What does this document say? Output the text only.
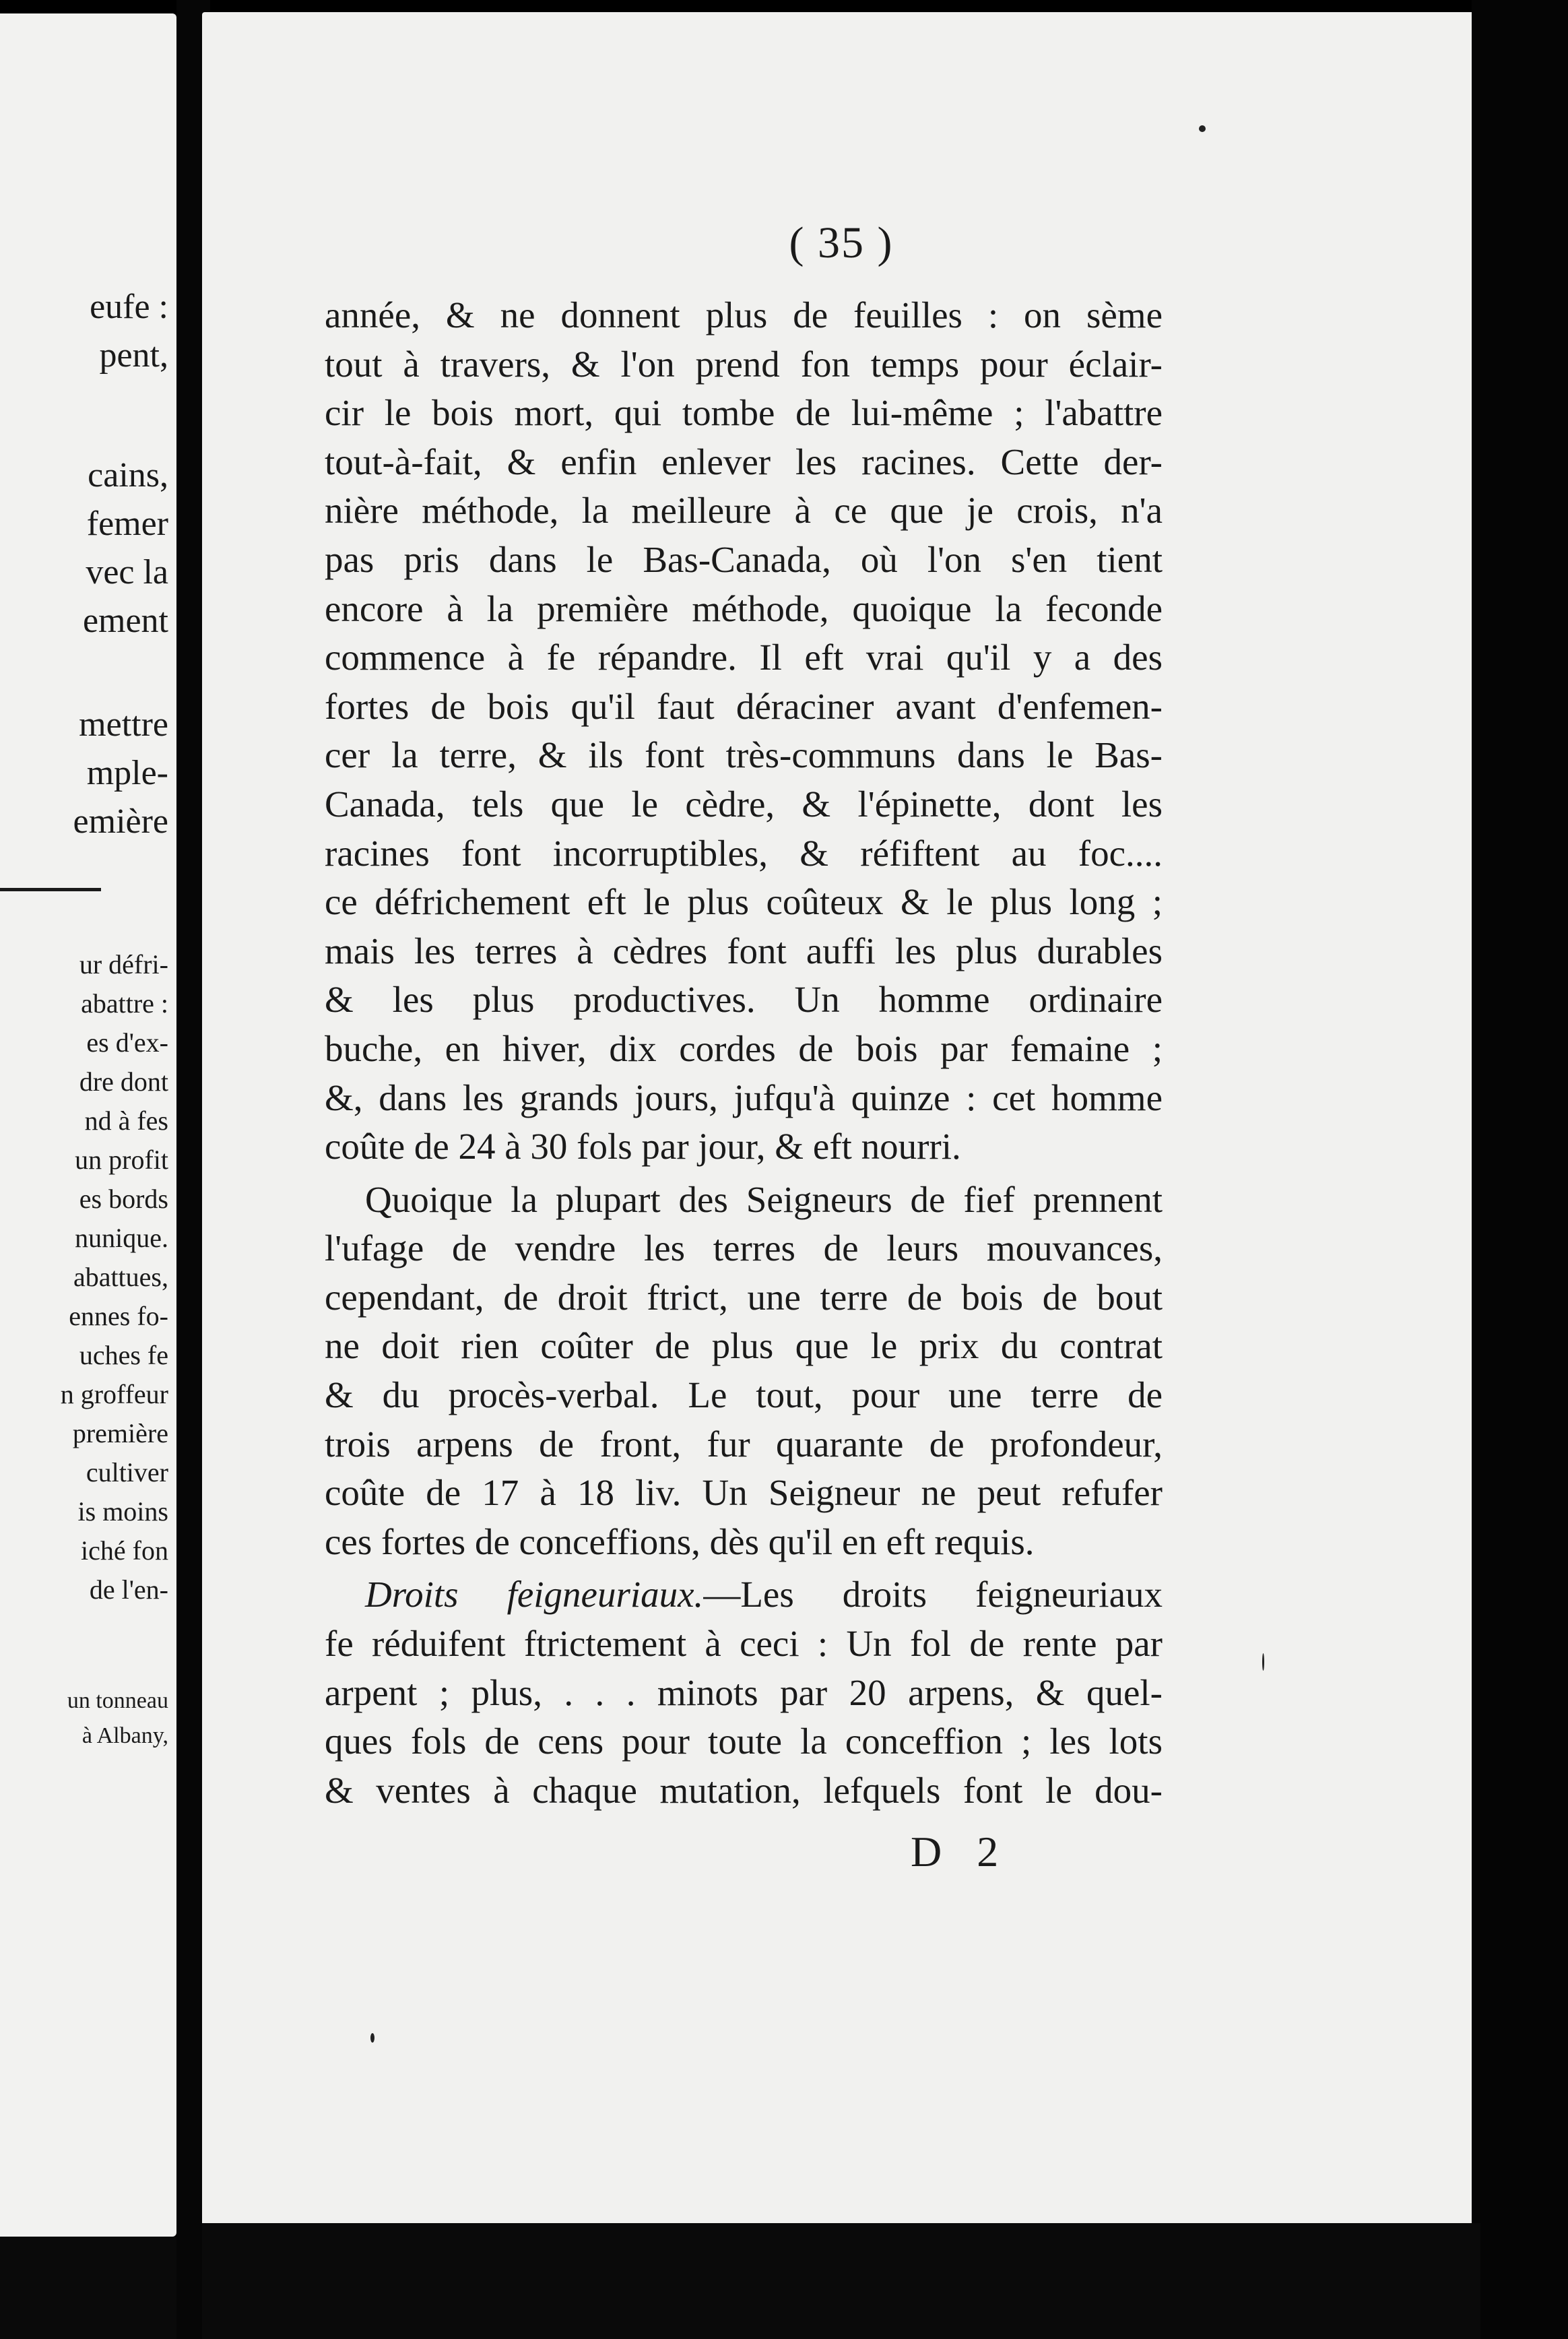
eufe :
pent,
cains,
femer
vec la
ement
mettre
mple-
emière
ur défri-
abattre :
es d'ex-
dre dont
nd à fes
un profit
es bords
nunique.
abattues,
ennes fo-
uches fe
n groffeur
première
cultiver
is moins
iché fon
de l'en-
un tonneau
à Albany,
( 35 )
année, & ne donnent plus de feuilles : on sème
tout à travers, & l'on prend fon temps pour éclair-
cir le bois mort, qui tombe de lui-même ; l'abattre
tout-à-fait, & enfin enlever les racines. Cette der-
nière méthode, la meilleure à ce que je crois, n'a
pas pris dans le Bas-Canada, où l'on s'en tient
encore à la première méthode, quoique la feconde
commence à fe répandre. Il eft vrai qu'il y a des
fortes de bois qu'il faut déraciner avant d'enfemen-
cer la terre, & ils font très-communs dans le Bas-
Canada, tels que le cèdre, & l'épinette, dont les
racines font incorruptibles, & réfiftent au foc....
ce défrichement eft le plus coûteux & le plus long ;
mais les terres à cèdres font auffi les plus durables
& les plus productives. Un homme ordinaire
buche, en hiver, dix cordes de bois par femaine ;
&, dans les grands jours, jufqu'à quinze : cet homme
coûte de 24 à 30 fols par jour, & eft nourri.
Quoique la plupart des Seigneurs de fief prennent
l'ufage de vendre les terres de leurs mouvances,
cependant, de droit ftrict, une terre de bois de bout
ne doit rien coûter de plus que le prix du contrat
& du procès-verbal. Le tout, pour une terre de
trois arpens de front, fur quarante de profondeur,
coûte de 17 à 18 liv. Un Seigneur ne peut refufer
ces fortes de conceffions, dès qu'il en eft requis.
Droits feigneuriaux.—Les droits feigneuriaux
fe réduifent ftrictement à ceci : Un fol de rente par
arpent ; plus, . . . minots par 20 arpens, & quel-
ques fols de cens pour toute la conceffion ; les lots
& ventes à chaque mutation, lefquels font le dou-
D 2
